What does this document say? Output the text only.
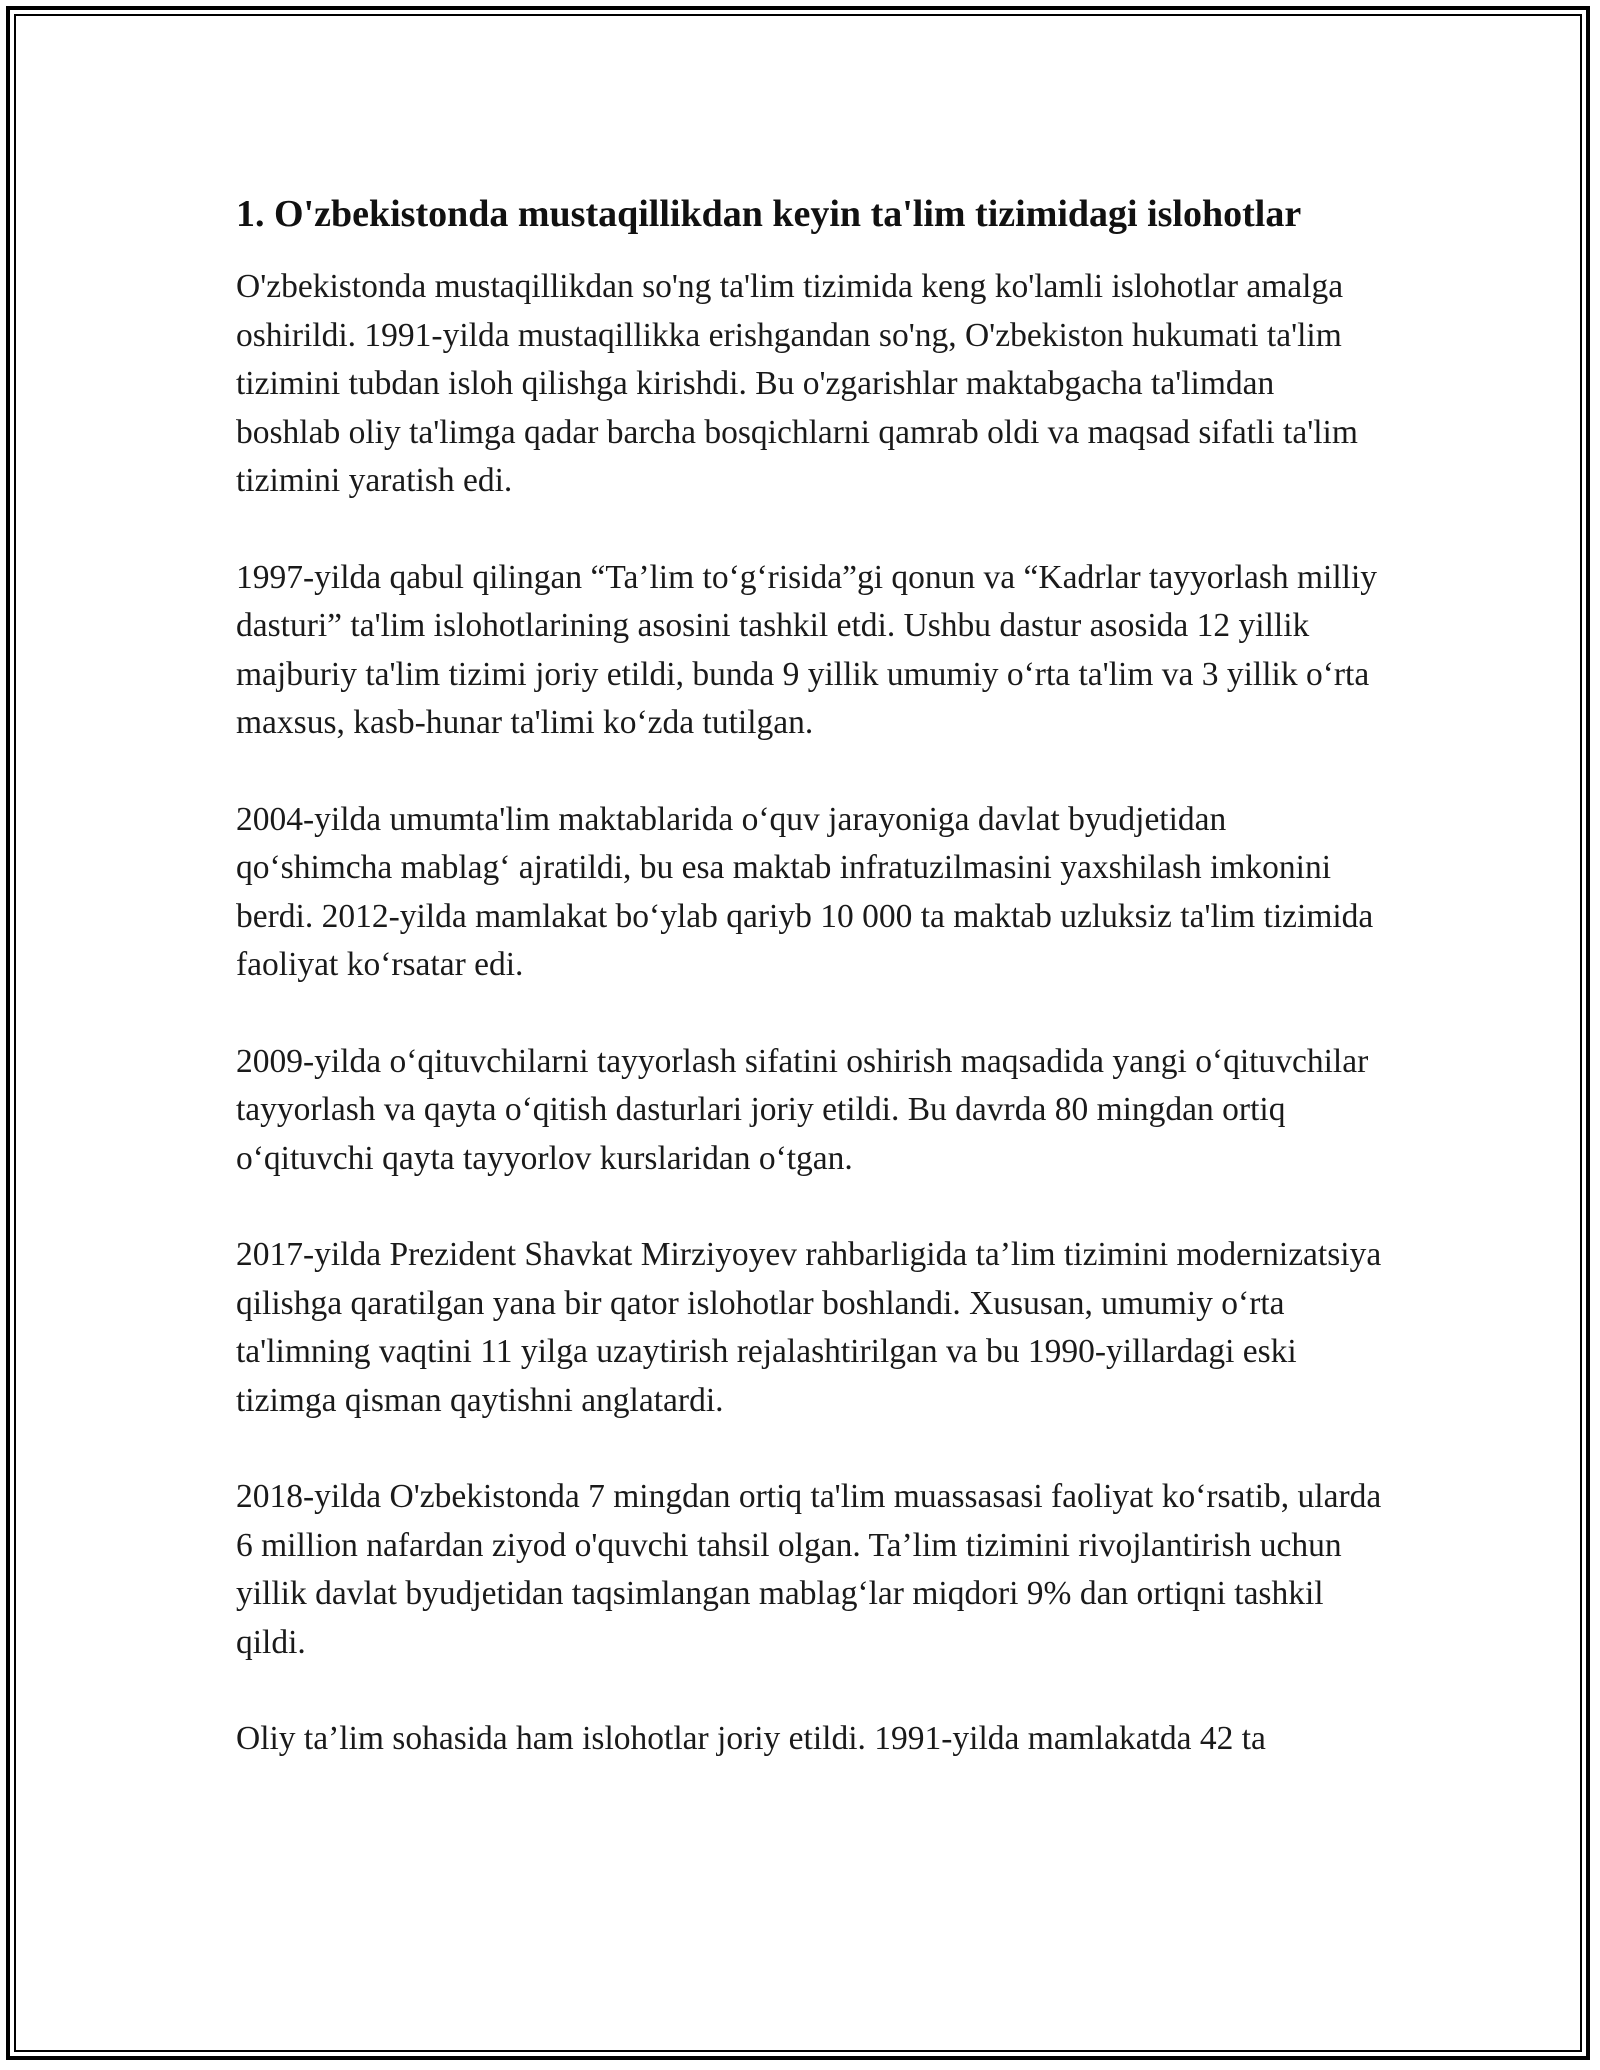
1. O'zbekistonda mustaqillikdan keyin ta'lim tizimidagi islohotlar

O'zbekistonda mustaqillikdan so'ng ta'lim tizimida keng ko'lamli islohotlar amalga oshirildi. 1991-yilda mustaqillikka erishgandan so'ng, O'zbekiston hukumati ta'lim tizimini tubdan isloh qilishga kirishdi. Bu o'zgarishlar maktabgacha ta'limdan boshlab oliy ta'limga qadar barcha bosqichlarni qamrab oldi va maqsad sifatli ta'lim tizimini yaratish edi.

1997-yilda qabul qilingan “Ta’lim to‘g‘risida”gi qonun va “Kadrlar tayyorlash milliy dasturi” ta'lim islohotlarining asosini tashkil etdi. Ushbu dastur asosida 12 yillik majburiy ta'lim tizimi joriy etildi, bunda 9 yillik umumiy o‘rta ta'lim va 3 yillik o‘rta maxsus, kasb-hunar ta'limi ko‘zda tutilgan.

2004-yilda umumta'lim maktablarida o‘quv jarayoniga davlat byudjetidan qo‘shimcha mablag‘ ajratildi, bu esa maktab infratuzilmasini yaxshilash imkonini berdi. 2012-yilda mamlakat bo‘ylab qariyb 10 000 ta maktab uzluksiz ta'lim tizimida faoliyat ko‘rsatar edi.

2009-yilda o‘qituvchilarni tayyorlash sifatini oshirish maqsadida yangi o‘qituvchilar tayyorlash va qayta o‘qitish dasturlari joriy etildi. Bu davrda 80 mingdan ortiq o‘qituvchi qayta tayyorlov kurslaridan o‘tgan.

2017-yilda Prezident Shavkat Mirziyoyev rahbarligida ta’lim tizimini modernizatsiya qilishga qaratilgan yana bir qator islohotlar boshlandi. Xususan, umumiy o‘rta ta'limning vaqtini 11 yilga uzaytirish rejalashtirilgan va bu 1990-yillardagi eski tizimga qisman qaytishni anglatardi.

2018-yilda O'zbekistonda 7 mingdan ortiq ta'lim muassasasi faoliyat ko‘rsatib, ularda 6 million nafardan ziyod o'quvchi tahsil olgan. Ta’lim tizimini rivojlantirish uchun yillik davlat byudjetidan taqsimlangan mablag‘lar miqdori 9% dan ortiqni tashkil qildi.

Oliy ta’lim sohasida ham islohotlar joriy etildi. 1991-yilda mamlakatda 42 ta
